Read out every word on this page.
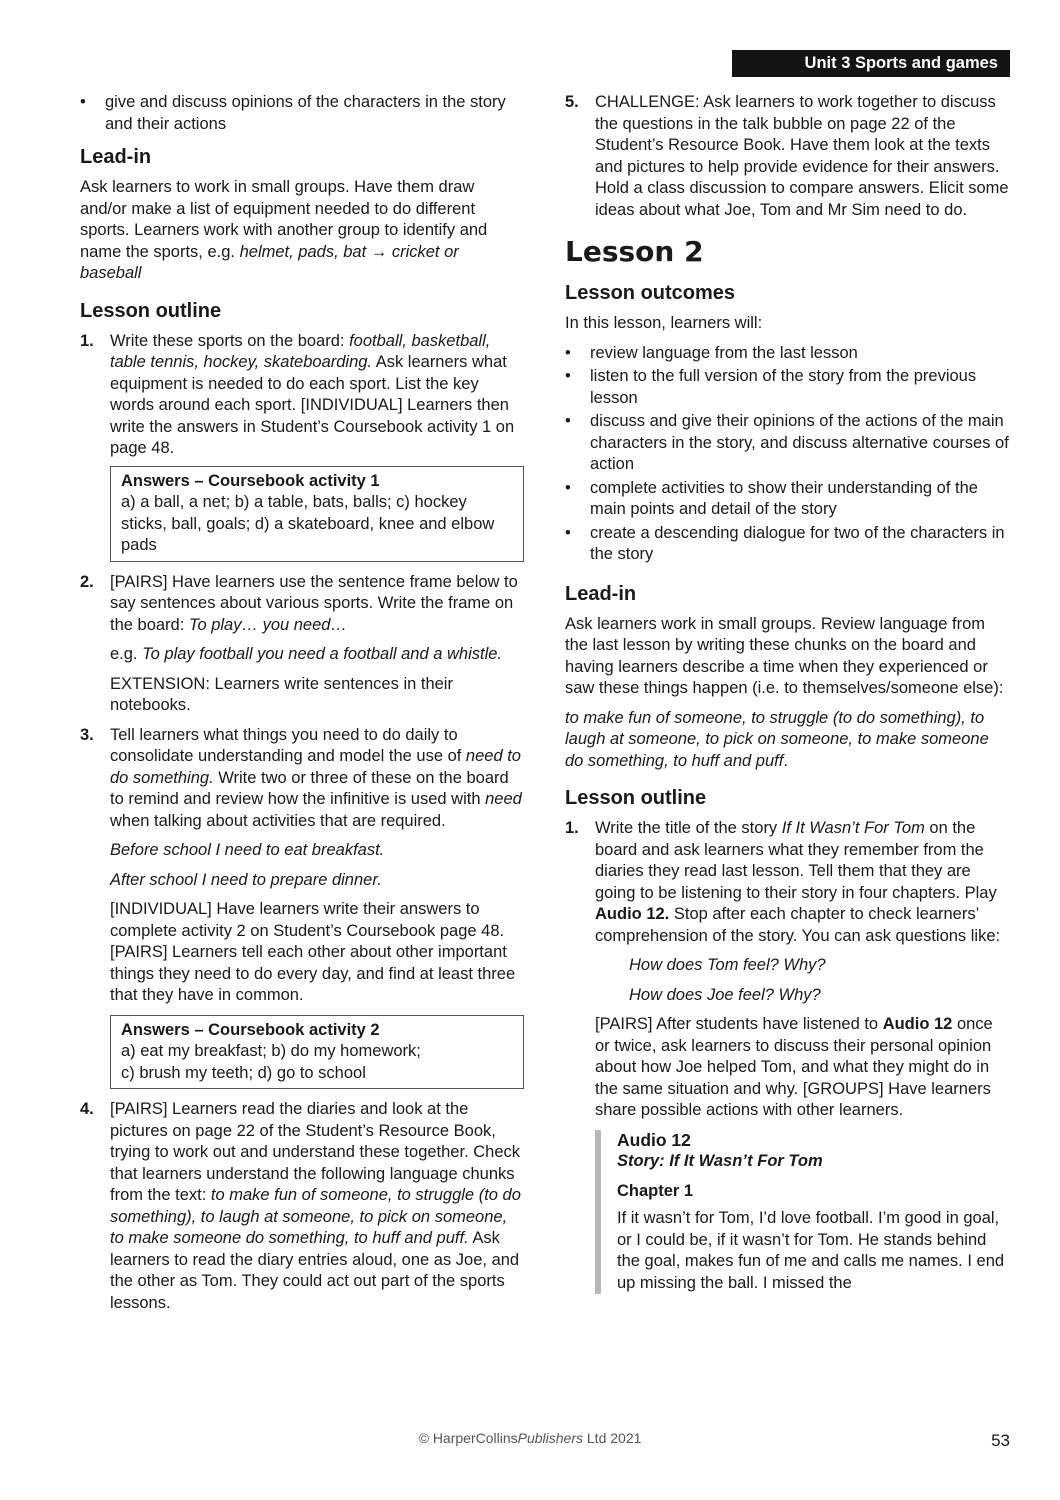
Unit 3 Sports and games
• give and discuss opinions of the characters in the story and their actions
Lead-in

Ask learners to work in small groups. Have them draw and/or make a list of equipment needed to do different sports. Learners work with another group to identify and name the sports, e.g. helmet, pads, bat → cricket or baseball

Lesson outline
1. Write these sports on the board: football, basketball, table tennis, hockey, skateboarding. Ask learners what equipment is needed to do each sport. List the key words around each sport. [INDIVIDUAL] Learners then write the answers in Student’s Coursebook activity 1 on page 48.
Answers – Coursebook activity 1
a) a ball, a net; b) a table, bats, balls; c) hockey sticks, ball, goals; d) a skateboard, knee and elbow pads
2. [PAIRS] Have learners use the sentence frame below to say sentences about various sports. Write the frame on the board: To play… you need…

e.g. To play football you need a football and a whistle.

EXTENSION: Learners write sentences in their notebooks.

3. Tell learners what things you need to do daily to consolidate understanding and model the use of need to do something. Write two or three of these on the board to remind and review how the infinitive is used with need when talking about activities that are required.

Before school I need to eat breakfast.

After school I need to prepare dinner.

[INDIVIDUAL] Have learners write their answers to complete activity 2 on Student’s Coursebook page 48. [PAIRS] Learners tell each other about other important things they need to do every day, and find at least three that they have in common.

Answers – Coursebook activity 2
a) eat my breakfast; b) do my homework;
c) brush my teeth; d) go to school
4. [PAIRS] Learners read the diaries and look at the pictures on page 22 of the Student’s Resource Book, trying to work out and understand these together. Check that learners understand the following language chunks from the text: to make fun of someone, to struggle (to do something), to laugh at someone, to pick on someone, to make someone do something, to huff and puff. Ask learners to read the diary entries aloud, one as Joe, and the other as Tom. They could act out part of the sports lessons.
5. CHALLENGE: Ask learners to work together to discuss the questions in the talk bubble on page 22 of the Student’s Resource Book. Have them look at the texts and pictures to help provide evidence for their answers. Hold a class discussion to compare answers. Elicit some ideas about what Joe, Tom and Mr Sim need to do.
Lesson 2
Lesson outcomes

In this lesson, learners will:

• review language from the last lesson
• listen to the full version of the story from the previous lesson
• discuss and give their opinions of the actions of the main characters in the story, and discuss alternative courses of action
• complete activities to show their understanding of the main points and detail of the story
• create a descending dialogue for two of the characters in the story
Lead-in

Ask learners work in small groups. Review language from the last lesson by writing these chunks on the board and having learners describe a time when they experienced or saw these things happen (i.e. to themselves/someone else):

to make fun of someone, to struggle (to do something), to laugh at someone, to pick on someone, to make someone do something, to huff and puff.

Lesson outline
1. Write the title of the story If It Wasn’t For Tom on the board and ask learners what they remember from the diaries they read last lesson. Tell them that they are going to be listening to their story in four chapters. Play Audio 12. Stop after each chapter to check learners’ comprehension of the story. You can ask questions like:

How does Tom feel? Why?

How does Joe feel? Why?

[PAIRS] After students have listened to Audio 12 once or twice, ask learners to discuss their personal opinion about how Joe helped Tom, and what they might do in the same situation and why. [GROUPS] Have learners share possible actions with other learners.

Audio 12
Story: If It Wasn’t For Tom
Chapter 1
If it wasn’t for Tom, I’d love football. I’m good in goal, or I could be, if it wasn’t for Tom. He stands behind the goal, makes fun of me and calls me names. I end up missing the ball. I missed the
© HarperCollinsPublishers Ltd 2021	53
